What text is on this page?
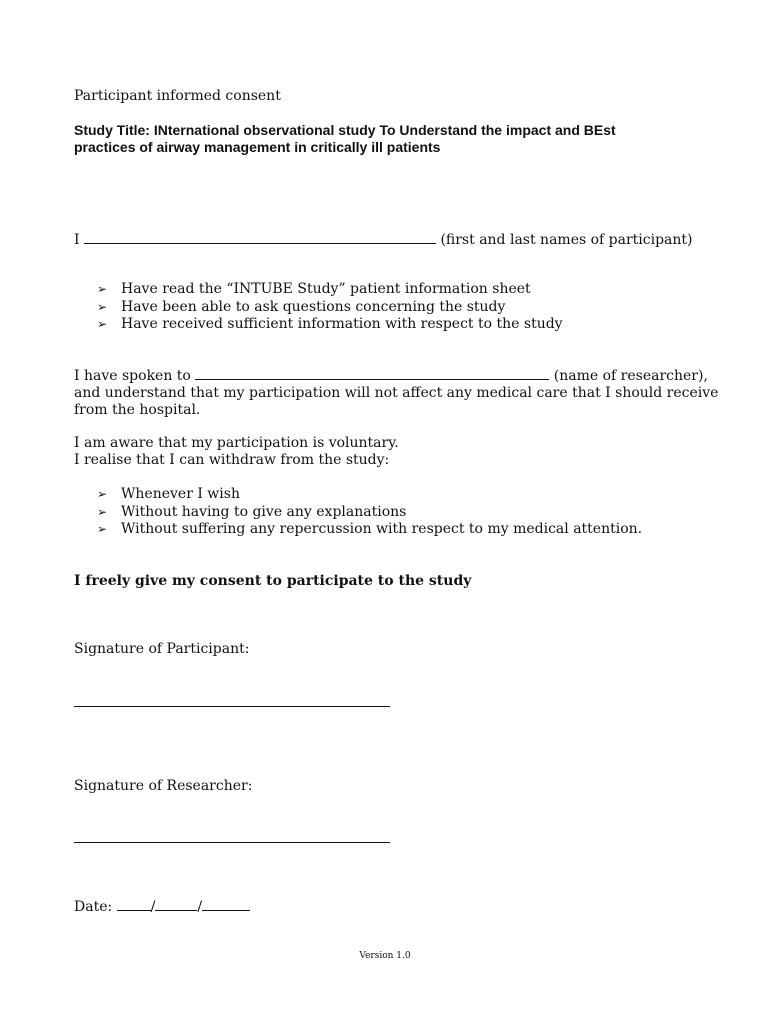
Participant informed consent
Study Title: INternational observational study To Understand the impact and BEst
practices of airway management in critically ill patients
I	(first and last names of participant)
➢ Have read the “INTUBE Study” patient information sheet
➢ Have been able to ask questions concerning the study
➢ Have received sufficient information with respect to the study
I have spoken to	(name of researcher),
and understand that my participation will not affect any medical care that I should receive
from the hospital.
I am aware that my participation is voluntary.
I realise that I can withdraw from the study:
➢ Whenever I wish
➢ Without having to give any explanations
➢ Without suffering any repercussion with respect to my medical attention.
I freely give my consent to participate to the study
Signature of Participant:
Signature of Researcher:
Date:	/	/
Version 1.0
